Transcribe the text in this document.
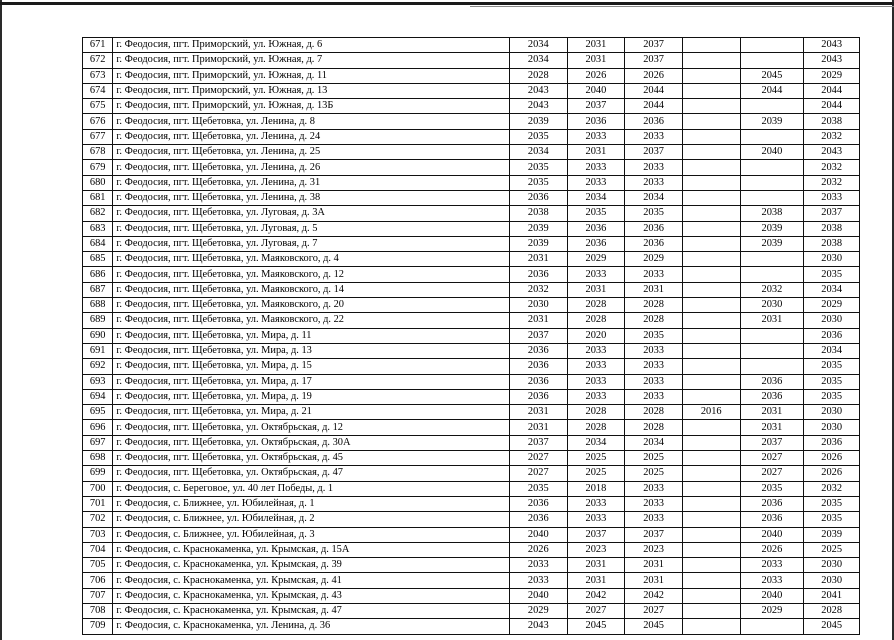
671	г. Феодосия, пгт. Приморский, ул. Южная, д. 6	2034	2031	2037			2043
672	г. Феодосия, пгт. Приморский, ул. Южная, д. 7	2034	2031	2037			2043
673	г. Феодосия, пгт. Приморский, ул. Южная, д. 11	2028	2026	2026		2045	2029
674	г. Феодосия, пгт. Приморский, ул. Южная, д. 13	2043	2040	2044		2044	2044
675	г. Феодосия, пгт. Приморский, ул. Южная, д. 13Б	2043	2037	2044			2044
676	г. Феодосия, пгт. Щебетовка, ул. Ленина, д. 8	2039	2036	2036		2039	2038
677	г. Феодосия, пгт. Щебетовка, ул. Ленина, д. 24	2035	2033	2033			2032
678	г. Феодосия, пгт. Щебетовка, ул. Ленина, д. 25	2034	2031	2037		2040	2043
679	г. Феодосия, пгт. Щебетовка, ул. Ленина, д. 26	2035	2033	2033			2032
680	г. Феодосия, пгт. Щебетовка, ул. Ленина, д. 31	2035	2033	2033			2032
681	г. Феодосия, пгт. Щебетовка, ул. Ленина, д. 38	2036	2034	2034			2033
682	г. Феодосия, пгт. Щебетовка, ул. Луговая, д. 3А	2038	2035	2035		2038	2037
683	г. Феодосия, пгт. Щебетовка, ул. Луговая, д. 5	2039	2036	2036		2039	2038
684	г. Феодосия, пгт. Щебетовка, ул. Луговая, д. 7	2039	2036	2036		2039	2038
685	г. Феодосия, пгт. Щебетовка, ул. Маяковского, д. 4	2031	2029	2029			2030
686	г. Феодосия, пгт. Щебетовка, ул. Маяковского, д. 12	2036	2033	2033			2035
687	г. Феодосия, пгт. Щебетовка, ул. Маяковского, д. 14	2032	2031	2031		2032	2034
688	г. Феодосия, пгт. Щебетовка, ул. Маяковского, д. 20	2030	2028	2028		2030	2029
689	г. Феодосия, пгт. Щебетовка, ул. Маяковского, д. 22	2031	2028	2028		2031	2030
690	г. Феодосия, пгт. Щебетовка, ул. Мира, д. 11	2037	2020	2035			2036
691	г. Феодосия, пгт. Щебетовка, ул. Мира, д. 13	2036	2033	2033			2034
692	г. Феодосия, пгт. Щебетовка, ул. Мира, д. 15	2036	2033	2033			2035
693	г. Феодосия, пгт. Щебетовка, ул. Мира, д. 17	2036	2033	2033		2036	2035
694	г. Феодосия, пгт. Щебетовка, ул. Мира, д. 19	2036	2033	2033		2036	2035
695	г. Феодосия, пгт. Щебетовка, ул. Мира, д. 21	2031	2028	2028	2016	2031	2030
696	г. Феодосия, пгт. Щебетовка, ул. Октябрьская, д. 12	2031	2028	2028		2031	2030
697	г. Феодосия, пгт. Щебетовка, ул. Октябрьская, д. 30А	2037	2034	2034		2037	2036
698	г. Феодосия, пгт. Щебетовка, ул. Октябрьская, д. 45	2027	2025	2025		2027	2026
699	г. Феодосия, пгт. Щебетовка, ул. Октябрьская, д. 47	2027	2025	2025		2027	2026
700	г. Феодосия, с. Береговое, ул. 40 лет Победы, д. 1	2035	2018	2033		2035	2032
701	г. Феодосия, с. Ближнее, ул. Юбилейная, д. 1	2036	2033	2033		2036	2035
702	г. Феодосия, с. Ближнее, ул. Юбилейная, д. 2	2036	2033	2033		2036	2035
703	г. Феодосия, с. Ближнее, ул. Юбилейная, д. 3	2040	2037	2037		2040	2039
704	г. Феодосия, с. Краснокаменка, ул. Крымская, д. 15А	2026	2023	2023		2026	2025
705	г. Феодосия, с. Краснокаменка, ул. Крымская, д. 39	2033	2031	2031		2033	2030
706	г. Феодосия, с. Краснокаменка, ул. Крымская, д. 41	2033	2031	2031		2033	2030
707	г. Феодосия, с. Краснокаменка, ул. Крымская, д. 43	2040	2042	2042		2040	2041
708	г. Феодосия, с. Краснокаменка, ул. Крымская, д. 47	2029	2027	2027		2029	2028
709	г. Феодосия, с. Краснокаменка, ул. Ленина, д. 36	2043	2045	2045			2045
